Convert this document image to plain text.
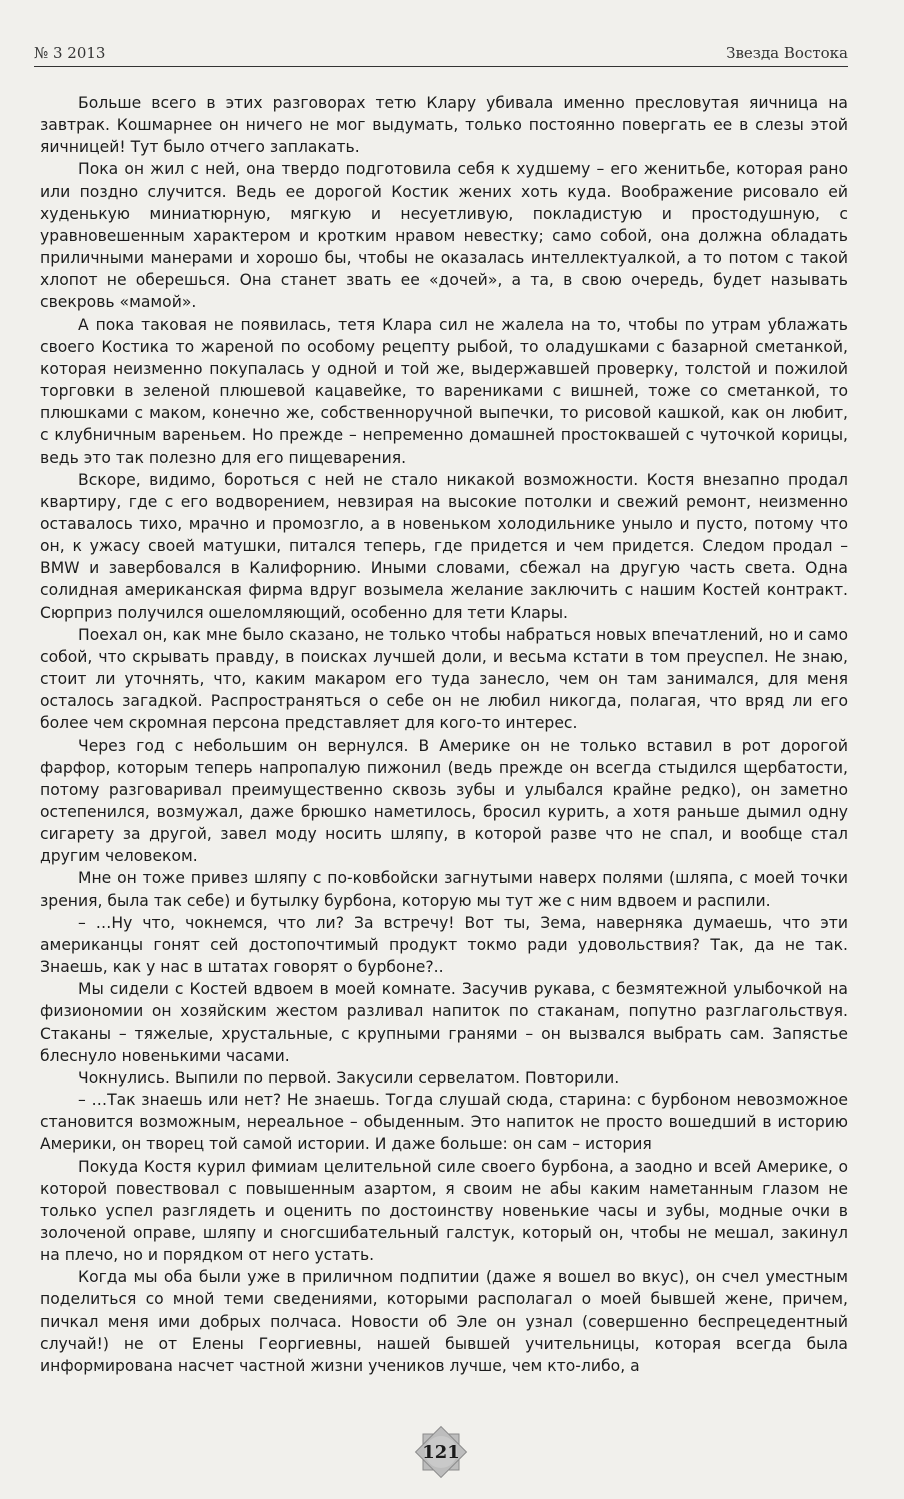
№ 3 2013	Звезда Востока

Больше всего в этих разговорах тетю Клару убивала именно пресловутая яичница на завтрак. Кошмарнее он ничего не мог выдумать, только постоянно повергать ее в слезы этой яичницей! Тут было отчего заплакать.

Пока он жил с ней, она твердо подготовила себя к худшему – его женитьбе, которая рано или поздно случится. Ведь ее дорогой Костик жених хоть куда. Воображение рисовало ей худенькую миниатюрную, мягкую и несуетливую, покладистую и простодушную, с уравновешенным характером и кротким нравом невестку; само собой, она должна обладать приличными манерами и хорошо бы, чтобы не оказалась интеллектуалкой, а то потом с такой хлопот не оберешься. Она станет звать ее «дочей», а та, в свою очередь, будет называть свекровь «мамой».

А пока таковая не появилась, тетя Клара сил не жалела на то, чтобы по утрам ублажать своего Костика то жареной по особому рецепту рыбой, то оладушками с базарной сметанкой, которая неизменно покупалась у одной и той же, выдержавшей проверку, толстой и пожилой торговки в зеленой плюшевой кацавейке, то варениками с вишней, тоже со сметанкой, то плюшками с маком, конечно же, собственноручной выпечки, то рисовой кашкой, как он любит, с клубничным вареньем. Но прежде – непременно домашней простоквашей с чуточкой корицы, ведь это так полезно для его пищеварения.

Вскоре, видимо, бороться с ней не стало никакой возможности. Костя внезапно продал квартиру, где с его водворением, невзирая на высокие потолки и свежий ремонт, неизменно оставалось тихо, мрачно и промозгло, а в новеньком холодильнике уныло и пусто, потому что он, к ужасу своей матушки, питался теперь, где придется и чем придется. Следом продал – BMW и завербовался в Калифорнию. Иными словами, сбежал на другую часть света. Одна солидная американская фирма вдруг возымела желание заключить с нашим Костей контракт. Сюрприз получился ошеломляющий, особенно для тети Клары.

Поехал он, как мне было сказано, не только чтобы набраться новых впечатлений, но и само собой, что скрывать правду, в поисках лучшей доли, и весьма кстати в том преуспел. Не знаю, стоит ли уточнять, что, каким макаром его туда занесло, чем он там занимался, для меня осталось загадкой. Распространяться о себе он не любил никогда, полагая, что вряд ли его более чем скромная персона представляет для кого-то интерес.

Через год с небольшим он вернулся. В Америке он не только вставил в рот дорогой фарфор, которым теперь напропалую пижонил (ведь прежде он всегда стыдился щербатости, потому разговаривал преимущественно сквозь зубы и улыбался крайне редко), он заметно остепенился, возмужал, даже брюшко наметилось, бросил курить, а хотя раньше дымил одну сигарету за другой, завел моду носить шляпу, в которой разве что не спал, и вообще стал другим человеком.

Мне он тоже привез шляпу с по-ковбойски загнутыми наверх полями (шляпа, с моей точки зрения, была так себе) и бутылку бурбона, которую мы тут же с ним вдвоем и распили.

– …Ну что, чокнемся, что ли? За встречу! Вот ты, Зема, наверняка думаешь, что эти американцы гонят сей достопочтимый продукт токмо ради удовольствия? Так, да не так. Знаешь, как у нас в штатах говорят о бурбоне?..

Мы сидели с Костей вдвоем в моей комнате. Засучив рукава, с безмятежной улыбочкой на физиономии он хозяйским жестом разливал напиток по стаканам, попутно разглагольствуя. Стаканы – тяжелые, хрустальные, с крупными гранями – он вызвался выбрать сам. Запястье блеснуло новенькими часами.

Чокнулись. Выпили по первой. Закусили сервелатом. Повторили.

– …Так знаешь или нет? Не знаешь. Тогда слушай сюда, старина: с бурбоном невозможное становится возможным, нереальное – обыденным. Это напиток не просто вошедший в историю Америки, он творец той самой истории. И даже больше: он сам – история

Покуда Костя курил фимиам целительной силе своего бурбона, а заодно и всей Америке, о которой повествовал с повышенным азартом, я своим не абы каким наметанным глазом не только успел разглядеть и оценить по достоинству новенькие часы и зубы, модные очки в золоченой оправе, шляпу и сногсшибательный галстук, который он, чтобы не мешал, закинул на плечо, но и порядком от него устать.

Когда мы оба были уже в приличном подпитии (даже я вошел во вкус), он счел уместным поделиться со мной теми сведениями, которыми располагал о моей бывшей жене, причем, пичкал меня ими добрых полчаса. Новости об Эле он узнал (совершенно беспрецедентный случай!) не от Елены Георгиевны, нашей бывшей учительницы, которая всегда была информирована насчет частной жизни учеников лучше, чем кто-либо, а

121
